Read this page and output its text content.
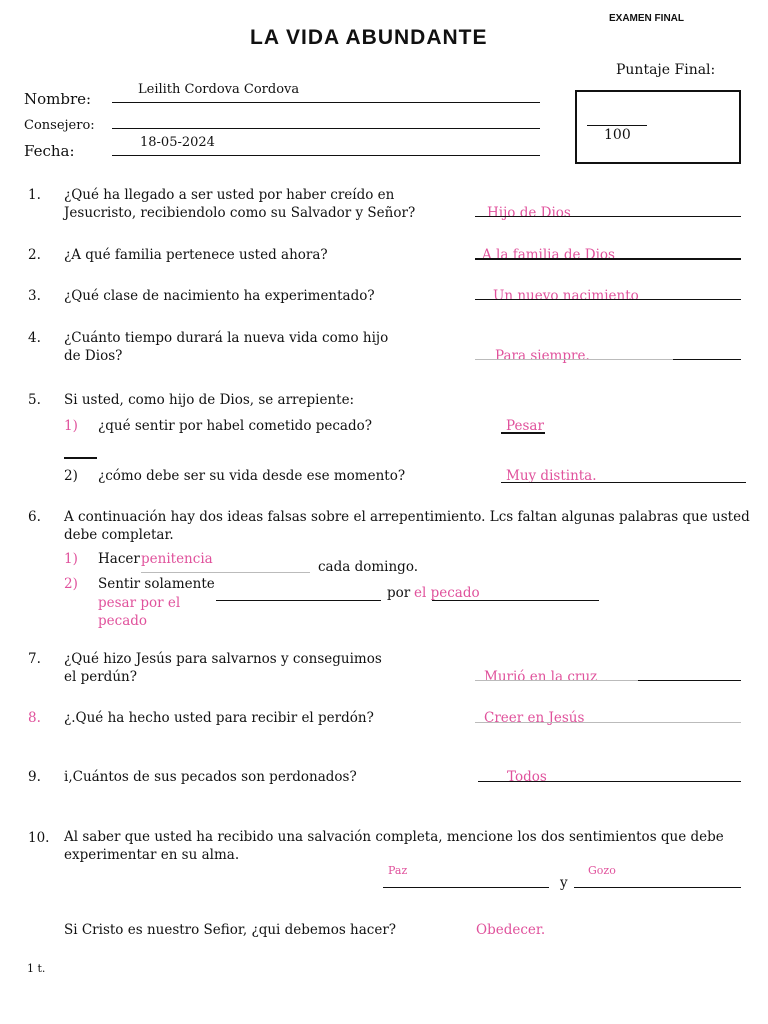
EXAMEN FINAL
LA VIDA ABUNDANTE
Puntaje Final:
100
Nombre:
Leilith Cordova Cordova
Consejero:
Fecha:	18-05-2024
1. ¿Qué ha llegado a ser usted por haber creído en
Jesucristo, recibiendolo como su Salvador y Señor?	Hijo de Dios
2. ¿A qué familia pertenece usted ahora?	A la familia de Dios
3. ¿Qué clase de nacimiento ha experimentado?	Un nuevo nacimiento
4. ¿Cuánto tiempo durará la nueva vida como hijo
de Dios?	Para siempre.
5. Si usted, como hijo de Dios, se arrepiente:
1) ¿qué sentir por habel cometido pecado?	Pesar
2) ¿cómo debe ser su vida desde ese momento?	Muy distinta.
6. A continuación hay dos ideas falsas sobre el arrepentimiento. Lcs faltan algunas palabras que usted
debe completar.
1) Hacer penitencia	cada domingo.
2) Sentir solamente
pesar por el
pecado
por el pecado
7. ¿Qué hizo Jesús para salvarnos y conseguimos
el perdún?	Murió en la cruz
8. ¿.Qué ha hecho usted para recibir el perdón?	Creer en Jesús
9. i,Cuántos de sus pecados son perdonados?	Todos
10. Al saber que usted ha recibido una salvación completa, mencione los dos sentimientos que debe
experimentar en su alma.
Paz
y
Gozo
Si Cristo es nuestro Sefior, ¿qui debemos hacer?	Obedecer.
1 t.
